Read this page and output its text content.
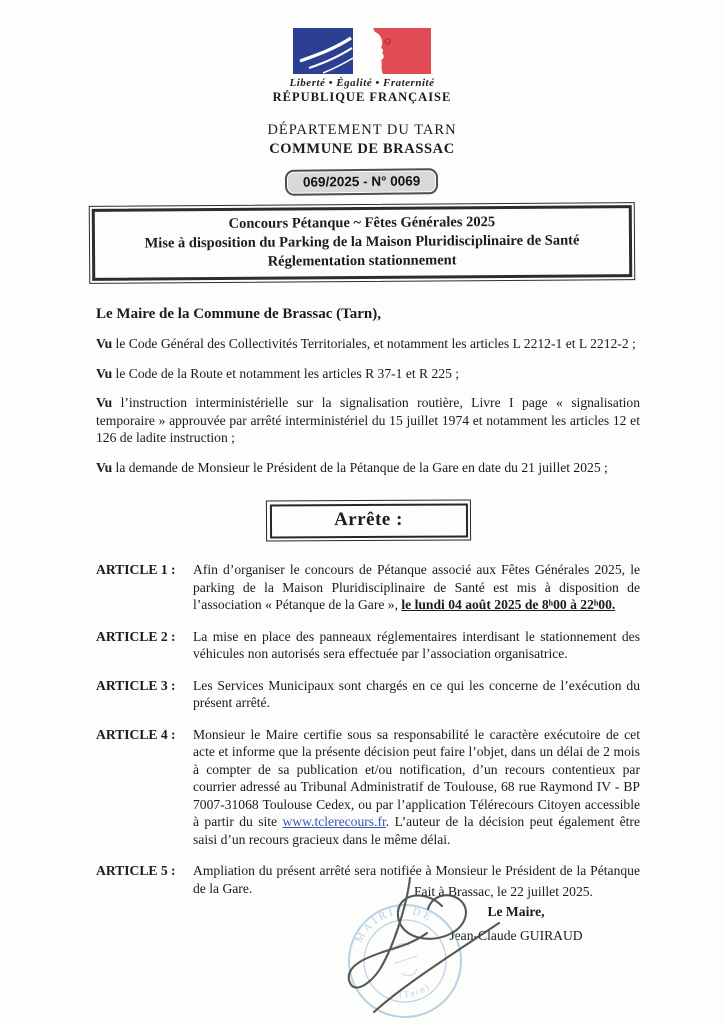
Liberté • Égalité • Fraternité
RÉPUBLIQUE FRANÇAISE
DÉPARTEMENT DU TARN
COMMUNE DE BRASSAC
069/2025 - N° 0069
Concours Pétanque ~ Fêtes Générales 2025
Mise à disposition du Parking de la Maison Pluridisciplinaire de Santé
Réglementation stationnement

Le Maire de la Commune de Brassac (Tarn),

Vu le Code Général des Collectivités Territoriales, et notamment les articles L 2212-1 et L 2212-2 ;

Vu le Code de la Route et notamment les articles R 37-1 et R 225 ;

Vu l’instruction interministérielle sur la signalisation routière, Livre I page « signalisation temporaire » approuvée par arrêté interministériel du 15 juillet 1974 et notamment les articles 12 et 126 de ladite instruction ;

Vu la demande de Monsieur le Président de la Pétanque de la Gare en date du 21 juillet 2025 ;

Arrête :
ARTICLE 1 :	Afin d’organiser le concours de Pétanque associé aux Fêtes Générales 2025, le parking de la Maison Pluridisciplinaire de Santé est mis à disposition de l’association « Pétanque de la Gare », le lundi 04 août 2025 de 8ʰ00 à 22ʰ00.
ARTICLE 2 :	La mise en place des panneaux réglementaires interdisant le stationnement des véhicules non autorisés sera effectuée par l’association organisatrice.
ARTICLE 3 :	Les Services Municipaux sont chargés en ce qui les concerne de l’exécution du présent arrêté.
ARTICLE 4 :	Monsieur le Maire certifie sous sa responsabilité le caractère exécutoire de cet acte et informe que la présente décision peut faire l’objet, dans un délai de 2 mois à compter de sa publication et/ou notification, d’un recours contentieux par courrier adressé au Tribunal Administratif de Toulouse, 68 rue Raymond IV - BP 7007-31068 Toulouse Cedex, ou par l’application Télérecours Citoyen accessible à partir du site www.tclerecours.fr. L’auteur de la décision peut également être saisi d’un recours gracieux dans le même délai.
ARTICLE 5 :	Ampliation du présent arrêté sera notifiée à Monsieur le Président de la Pétanque de la Gare.	Fait à Brassac, le 22 juillet 2025.
Le Maire,
Jean-Claude GUIRAUD
MAIRIE DE
(Tarn)
